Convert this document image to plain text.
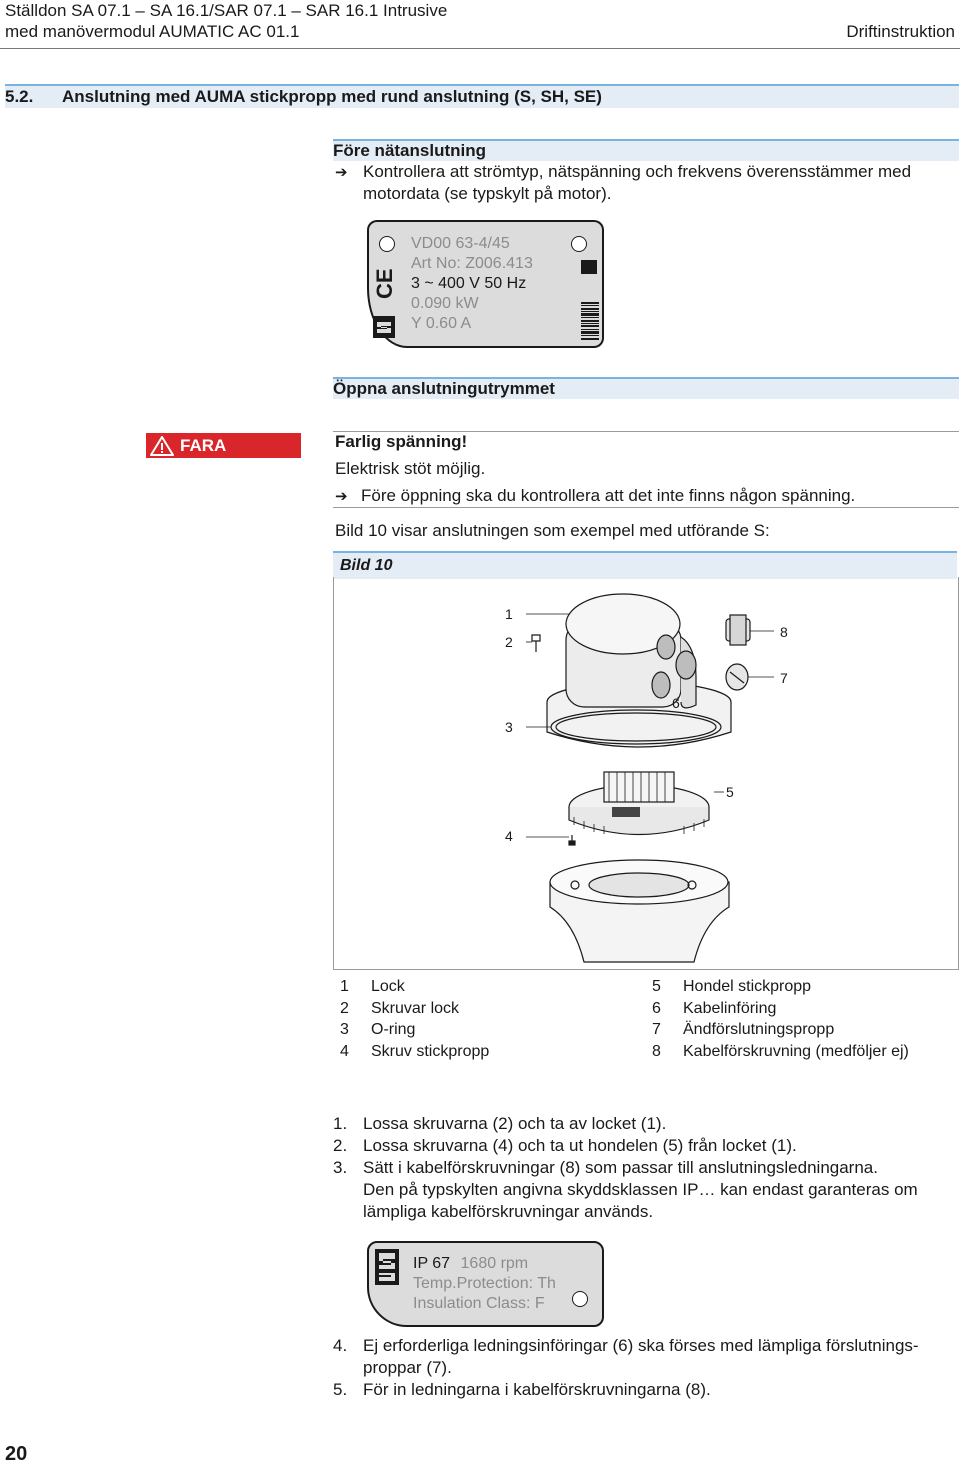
Ställdon SA 07.1 – SA 16.1/SAR 07.1 – SAR 16.1 Intrusive
med manövermodul AUMATIC AC 01.1	Driftinstruktion
5.2. Anslutning med AUMA stickpropp med rund anslutning (S, SH, SE)
Före nätanslutning
➔ Kontrollera att strömtyp, nätspänning och frekvens överensstämmer med
motordata (se typskylt på motor).
VD00 63-4/45
Art No: Z006.413
3 ~ 400 V 50 Hz
0.090 kW
Y 0.60 A
CE
Öppna anslutningutrymmet
FARA	Farlig spänning!
Elektrisk stöt möjlig.
➔ Före öppning ska du kontrollera att det inte finns någon spänning.
Bild 10 visar anslutningen som exempel med utförande S:
Bild 10
1
2
3
4
5
6
7
8
1 Lock
2 Skruvar lock
3 O-ring
4 Skruv stickpropp
5 Hondel stickpropp
6 Kabelinföring
7 Ändförslutningspropp
8 Kabelförskruvning (medföljer ej)
1. Lossa skruvarna (2) och ta av locket (1).
2. Lossa skruvarna (4) och ta ut hondelen (5) från locket (1).
3. Sätt i kabelförskruvningar (8) som passar till anslutningsledningarna.
Den på typskylten angivna skyddsklassen IP… kan endast garanteras om
lämpliga kabelförskruvningar används.
IP 67 1680 rpm
Temp.Protection: Th
Insulation Class: F
4. Ej erforderliga ledningsinföringar (6) ska förses med lämpliga förslutnings-
proppar (7).
5. För in ledningarna i kabelförskruvningarna (8).
20
